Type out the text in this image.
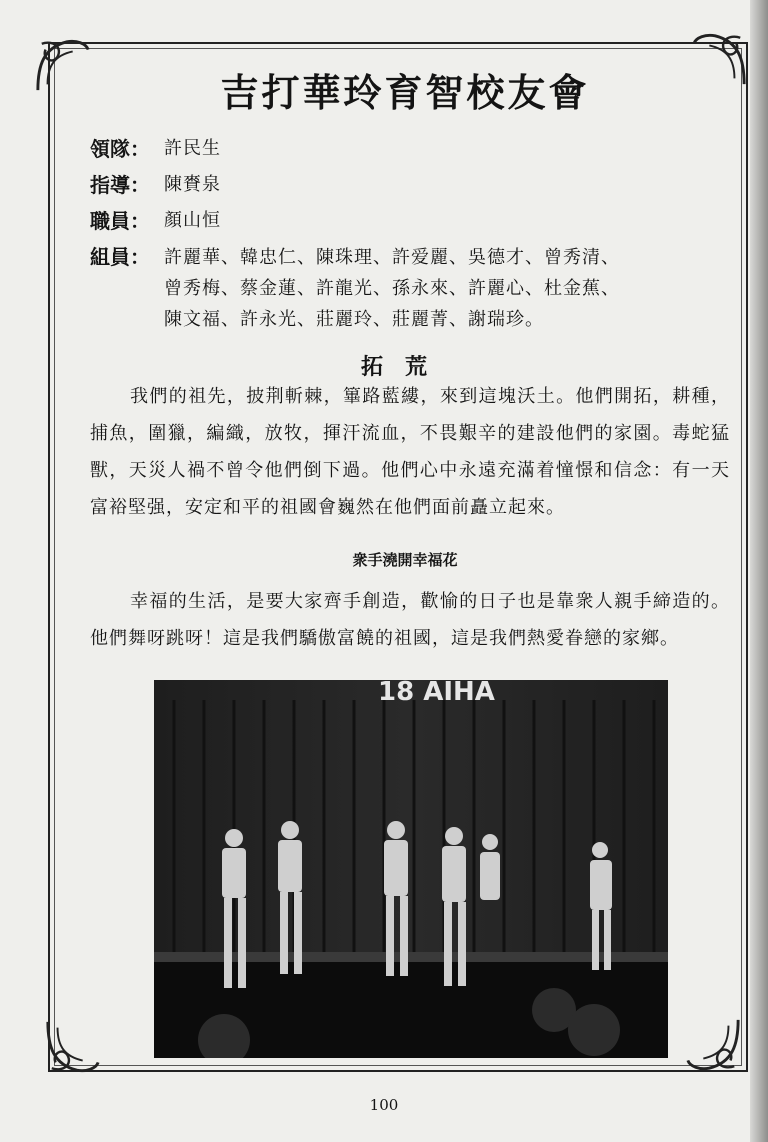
吉打華玲育智校友會
領隊： 許民生
指導： 陳賚泉
職員： 顏山恒
組員： 許麗華、韓忠仁、陳珠理、許爱麗、吳德才、曾秀清、
曾秀梅、蔡金蓮、許龍光、孫永來、許麗心、杜金蕉、
陳文福、許永光、莊麗玲、莊麗菁、謝瑞珍。
拓荒

我們的祖先，披荆斬棘，篳路藍縷，來到這塊沃土。他們開拓，耕種，捕魚，圍獵，編織，放牧，揮汗流血，不畏艱辛的建設他們的家園。毒蛇猛獸，天災人禍不曾令他們倒下過。他們心中永遠充滿着憧憬和信念：有一天富裕堅强，安定和平的祖國會巍然在他們面前矗立起來。

衆手澆開幸福花

幸福的生活，是要大家齊手創造，歡愉的日子也是靠衆人親手締造的。他們舞呀跳呀！這是我們驕傲富饒的祖國，這是我們熱愛眷戀的家鄉。

18 AIHA
100
